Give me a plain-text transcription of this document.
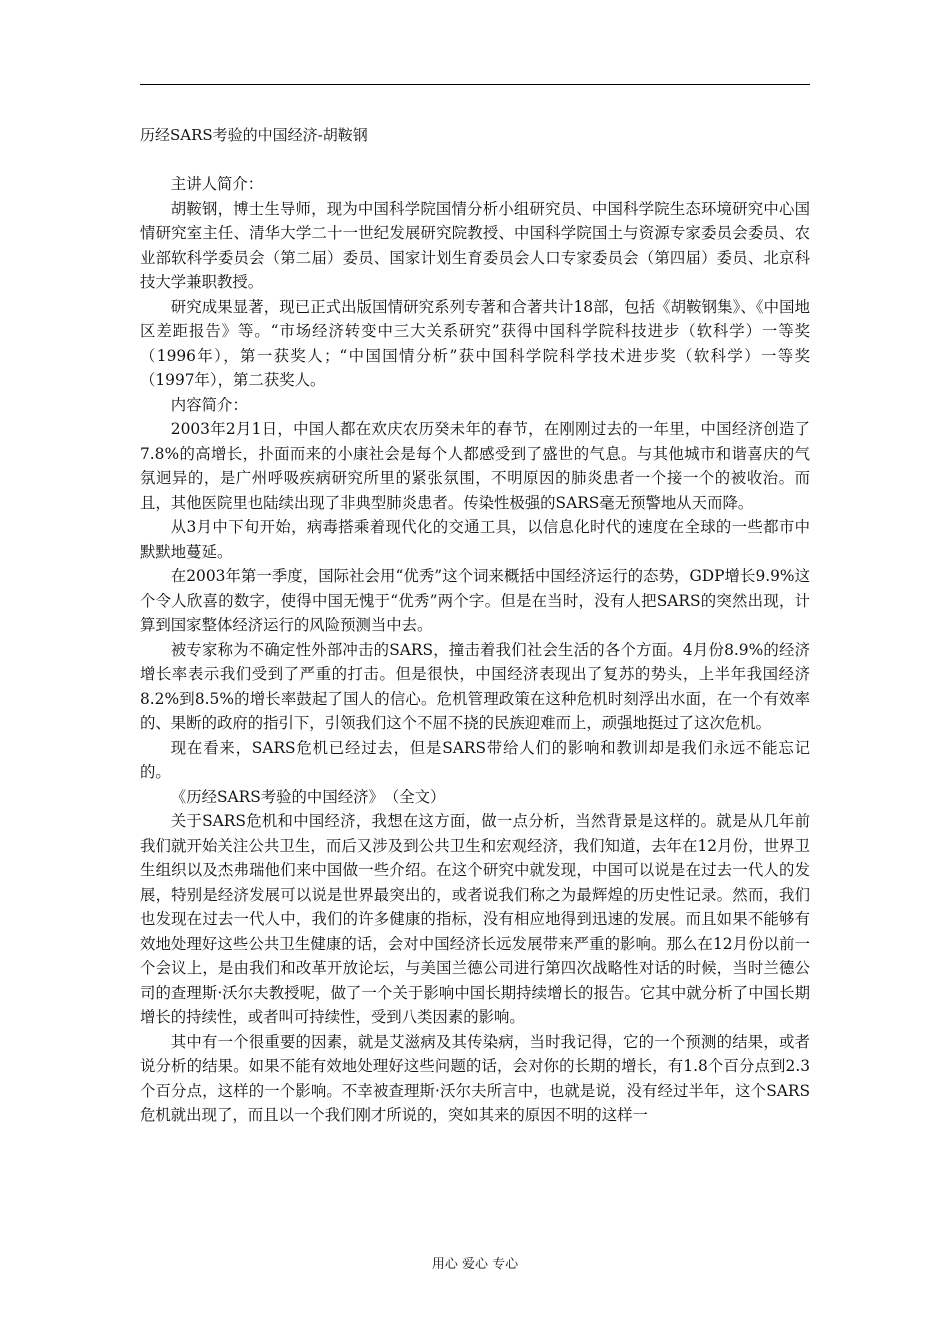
历经SARS考验的中国经济-胡鞍钢

主讲人简介：

胡鞍钢，博士生导师，现为中国科学院国情分析小组研究员、中国科学院生态环境研究中心国情研究室主任、清华大学二十一世纪发展研究院教授、中国科学院国土与资源专家委员会委员、农业部软科学委员会（第二届）委员、国家计划生育委员会人口专家委员会（第四届）委员、北京科技大学兼职教授。

研究成果显著，现已正式出版国情研究系列专著和合著共计18部，包括《胡鞍钢集》、《中国地区差距报告》等。“市场经济转变中三大关系研究”获得中国科学院科技进步（软科学）一等奖（1996年），第一获奖人；“中国国情分析”获中国科学院科学技术进步奖（软科学）一等奖（1997年），第二获奖人。

内容简介：

2003年2月1日，中国人都在欢庆农历癸未年的春节，在刚刚过去的一年里，中国经济创造了7.8%的高增长，扑面而来的小康社会是每个人都感受到了盛世的气息。与其他城市和谐喜庆的气氛迥异的，是广州呼吸疾病研究所里的紧张氛围，不明原因的肺炎患者一个接一个的被收治。而且，其他医院里也陆续出现了非典型肺炎患者。传染性极强的SARS毫无预警地从天而降。

从3月中下旬开始，病毒搭乘着现代化的交通工具，以信息化时代的速度在全球的一些都市中默默地蔓延。

在2003年第一季度，国际社会用“优秀”这个词来概括中国经济运行的态势，GDP增长9.9%这个令人欣喜的数字，使得中国无愧于“优秀”两个字。但是在当时，没有人把SARS的突然出现，计算到国家整体经济运行的风险预测当中去。

被专家称为不确定性外部冲击的SARS，撞击着我们社会生活的各个方面。4月份8.9%的经济增长率表示我们受到了严重的打击。但是很快，中国经济表现出了复苏的势头，上半年我国经济8.2%到8.5%的增长率鼓起了国人的信心。危机管理政策在这种危机时刻浮出水面，在一个有效率的、果断的政府的指引下，引领我们这个不屈不挠的民族迎难而上，顽强地挺过了这次危机。

现在看来，SARS危机已经过去，但是SARS带给人们的影响和教训却是我们永远不能忘记的。

《历经SARS考验的中国经济》　（全文）

关于SARS危机和中国经济，我想在这方面，做一点分析，当然背景是这样的。就是从几年前我们就开始关注公共卫生，而后又涉及到公共卫生和宏观经济，我们知道，去年在12月份，世界卫生组织以及杰弗瑞他们来中国做一些介绍。在这个研究中就发现，中国可以说是在过去一代人的发展，特别是经济发展可以说是世界最突出的，或者说我们称之为最辉煌的历史性记录。然而，我们也发现在过去一代人中，我们的许多健康的指标，没有相应地得到迅速的发展。而且如果不能够有效地处理好这些公共卫生健康的话，会对中国经济长远发展带来严重的影响。那么在12月份以前一个会议上，是由我们和改革开放论坛，与美国兰德公司进行第四次战略性对话的时候，当时兰德公司的查理斯·沃尔夫教授呢，做了一个关于影响中国长期持续增长的报告。它其中就分析了中国长期增长的持续性，或者叫可持续性，受到八类因素的影响。

其中有一个很重要的因素，就是艾滋病及其传染病，当时我记得，它的一个预测的结果，或者说分析的结果。如果不能有效地处理好这些问题的话，会对你的长期的增长，有1.8个百分点到2.3个百分点，这样的一个影响。不幸被查理斯·沃尔夫所言中，也就是说，没有经过半年，这个SARS危机就出现了，而且以一个我们刚才所说的，突如其来的原因不明的这样一

用心 爱心 专心
